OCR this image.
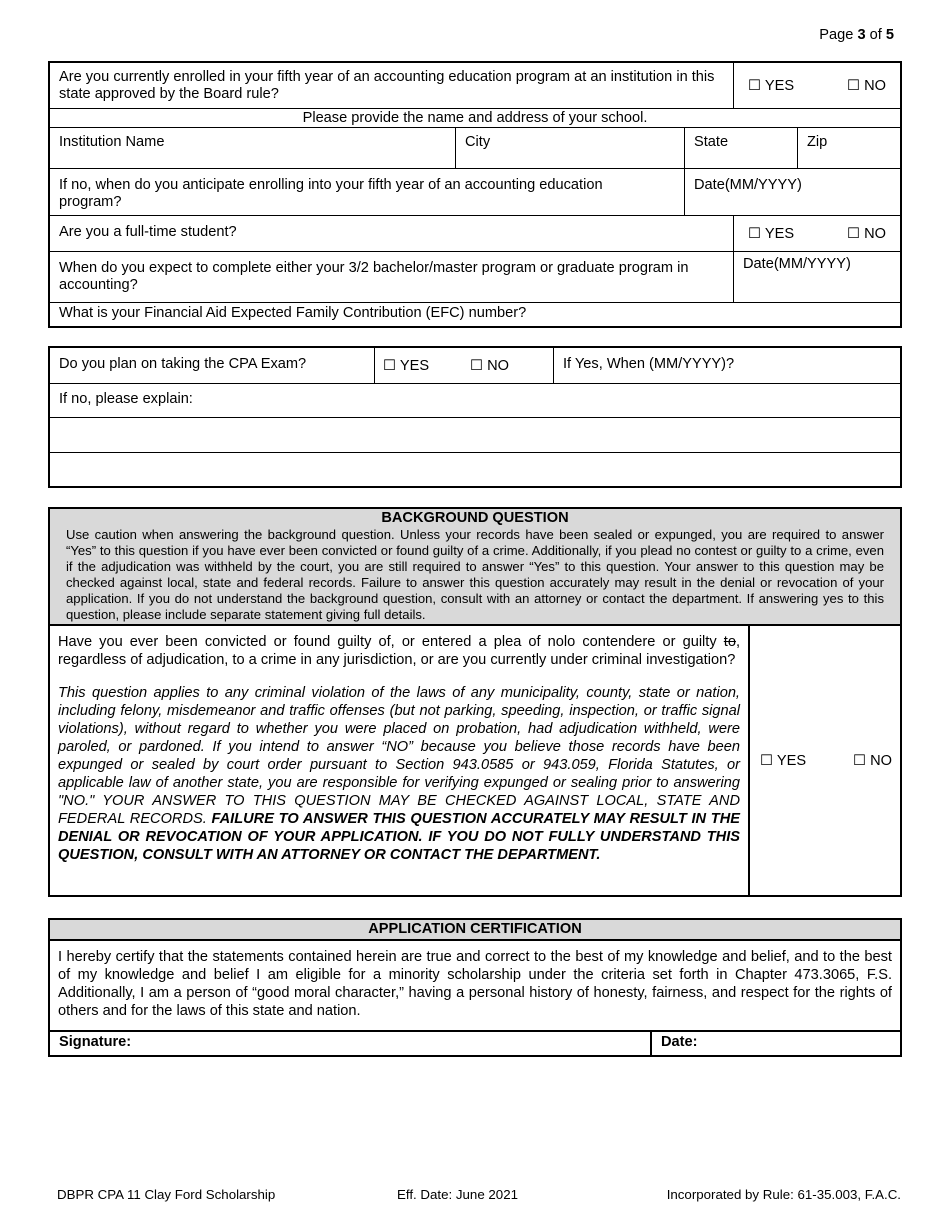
Page 3 of 5
Are you currently enrolled in your fifth year of an accounting education program at an institution in this state approved by the Board rule?	☐ YES	☐ NO
Please provide the name and address of your school.
Institution Name	City	State	Zip
If no, when do you anticipate enrolling into your fifth year of an accounting education program?
Date(MM/YYYY)
Are you a full-time student?	☐ YES	☐ NO
When do you expect to complete either your 3/2 bachelor/master program or graduate program in accounting?
Date(MM/YYYY)
What is your Financial Aid Expected Family Contribution (EFC) number?
Do you plan on taking the CPA Exam?	☐ YES	☐ NO	If Yes, When (MM/YYYY)?
If no, please explain:
BACKGROUND QUESTION
Use caution when answering the background question. Unless your records have been sealed or expunged, you are required to answer “Yes” to this question if you have ever been convicted or found guilty of a crime. Additionally, if you plead no contest or guilty to a crime, even if the adjudication was withheld by the court, you are still required to answer “Yes” to this question. Your answer to this question may be checked against local, state and federal records. Failure to answer this question accurately may result in the denial or revocation of your application. If you do not understand the background question, consult with an attorney or contact the department. If answering yes to this question, please include separate statement giving full details.

Have you ever been convicted or found guilty of, or entered a plea of nolo contendere or guilty to, regardless of adjudication, to a crime in any jurisdiction, or are you currently under criminal investigation?

This question applies to any criminal violation of the laws of any municipality, county, state or nation, including felony, misdemeanor and traffic offenses (but not parking, speeding, inspection, or traffic signal violations), without regard to whether you were placed on probation, had adjudication withheld, were paroled, or pardoned. If you intend to answer “NO” because you believe those records have been expunged or sealed by court order pursuant to Section 943.0585 or 943.059, Florida Statutes, or applicable law of another state, you are responsible for verifying expunged or sealing prior to answering "NO." YOUR ANSWER TO THIS QUESTION MAY BE CHECKED AGAINST LOCAL, STATE AND FEDERAL RECORDS. FAILURE TO ANSWER THIS QUESTION ACCURATELY MAY RESULT IN THE DENIAL OR REVOCATION OF YOUR APPLICATION. IF YOU DO NOT FULLY UNDERSTAND THIS QUESTION, CONSULT WITH AN ATTORNEY OR CONTACT THE DEPARTMENT.

☐ YES	☐ NO
APPLICATION CERTIFICATION
I hereby certify that the statements contained herein are true and correct to the best of my knowledge and belief, and to the best of my knowledge and belief I am eligible for a minority scholarship under the criteria set forth in Chapter 473.3065, F.S. Additionally, I am a person of “good moral character,” having a personal history of honesty, fairness, and respect for the rights of others and for the laws of this state and nation.
Signature:	Date:
DBPR CPA 11 Clay Ford Scholarship	Eff. Date: June 2021	Incorporated by Rule: 61-35.003, F.A.C.
